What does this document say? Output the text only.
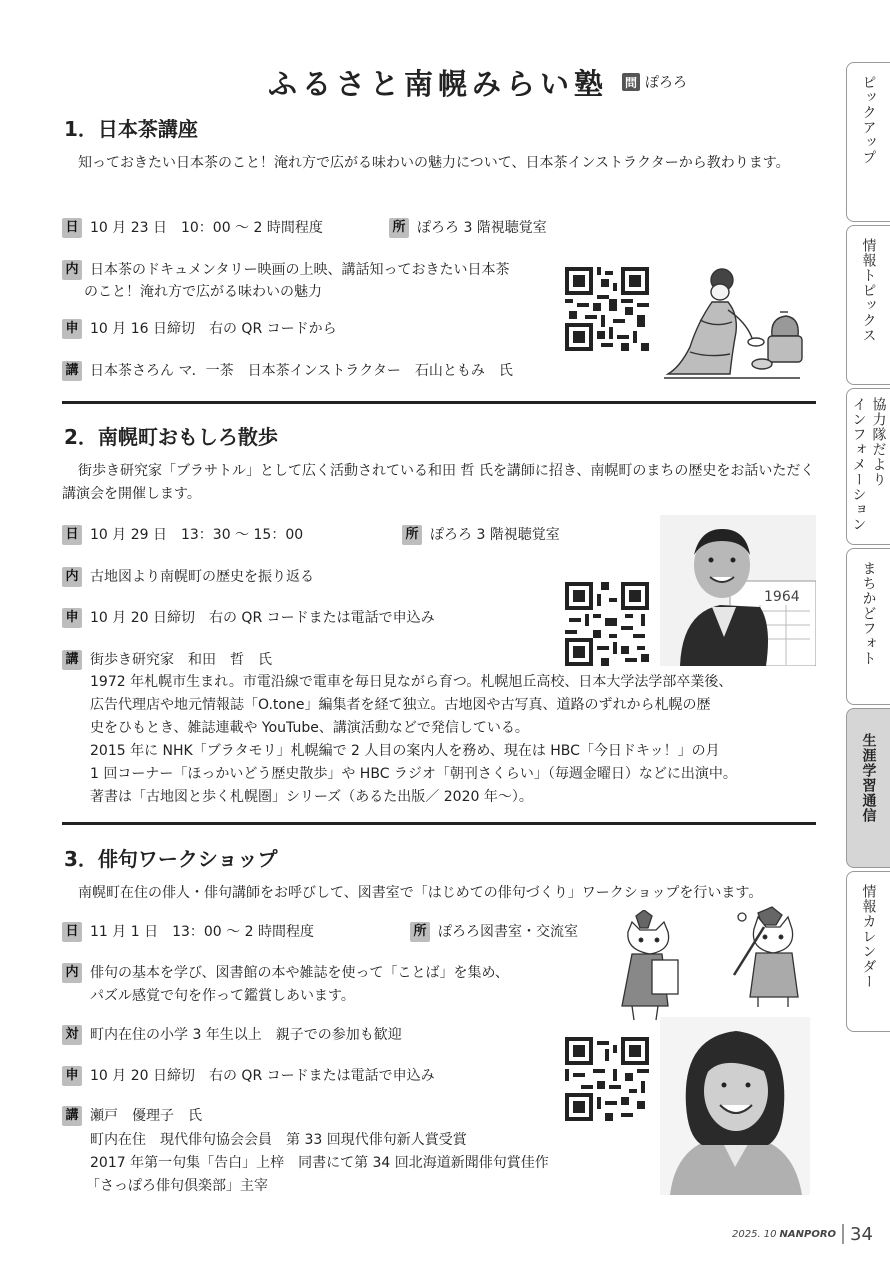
ふるさと南幌みらい塾 問 ぽろろ
1．日本茶講座
知っておきたい日本茶のこと！淹れ方で広がる味わいの魅力について、日本茶インストラクターから教わります。
日 10 月 23 日　10：00 ～ 2 時間程度	所 ぽろろ 3 階視聴覚室
内 日本茶のドキュメンタリー映画の上映、講話知っておきたい日本茶
のこと！淹れ方で広がる味わいの魅力
申 10 月 16 日締切　右の QR コードから
講 日本茶さろん マ．一茶　日本茶インストラクター　石山ともみ　氏
2．南幌町おもしろ散歩
街歩き研究家「ブラサトル」として広く活動されている和田 哲 氏を講師に招き、南幌町のまちの歴史をお話いただく講演会を開催します。
日 10 月 29 日　13：30 ～ 15：00	所 ぽろろ 3 階視聴覚室
内 古地図より南幌町の歴史を振り返る
申 10 月 20 日締切　右の QR コードまたは電話で申込み
講 街歩き研究家　和田　哲　氏
1972 年札幌市生まれ。市電沿線で電車を毎日見ながら育つ。札幌旭丘高校、日本大学法学部卒業後、
広告代理店や地元情報誌「O.tone」編集者を経て独立。古地図や古写真、道路のずれから札幌の歴
史をひもとき、雑誌連載や YouTube、講演活動などで発信している。
2015 年に NHK「ブラタモリ」札幌編で 2 人目の案内人を務め、現在は HBC「今日ドキッ！」の月
1 回コーナー「ほっかいどう歴史散歩」や HBC ラジオ「朝刊さくらい」（毎週金曜日）などに出演中。
著書は「古地図と歩く札幌圏」シリーズ（あるた出版／ 2020 年～）。
1964
3．俳句ワークショップ
南幌町在住の俳人・俳句講師をお呼びして、図書室で「はじめての俳句づくり」ワークショップを行います。
日 11 月 1 日　13：00 ～ 2 時間程度	所 ぽろろ図書室・交流室
内 俳句の基本を学び、図書館の本や雑誌を使って「ことば」を集め、
パズル感覚で句を作って鑑賞しあいます。
対 町内在住の小学 3 年生以上　親子での参加も歓迎
申 10 月 20 日締切　右の QR コードまたは電話で申込み
講 瀬戸　優理子　氏
町内在住　現代俳句協会会員　第 33 回現代俳句新人賞受賞
2017 年第一句集「告白」上梓　同書にて第 34 回北海道新聞俳句賞佳作
「さっぽろ俳句倶楽部」主宰
ピックアップ
情報トピックス
インフォメーション 協力隊だより
まちかどフォト
生涯学習通信
情報カレンダー
2025. 10 NANPORO 34
